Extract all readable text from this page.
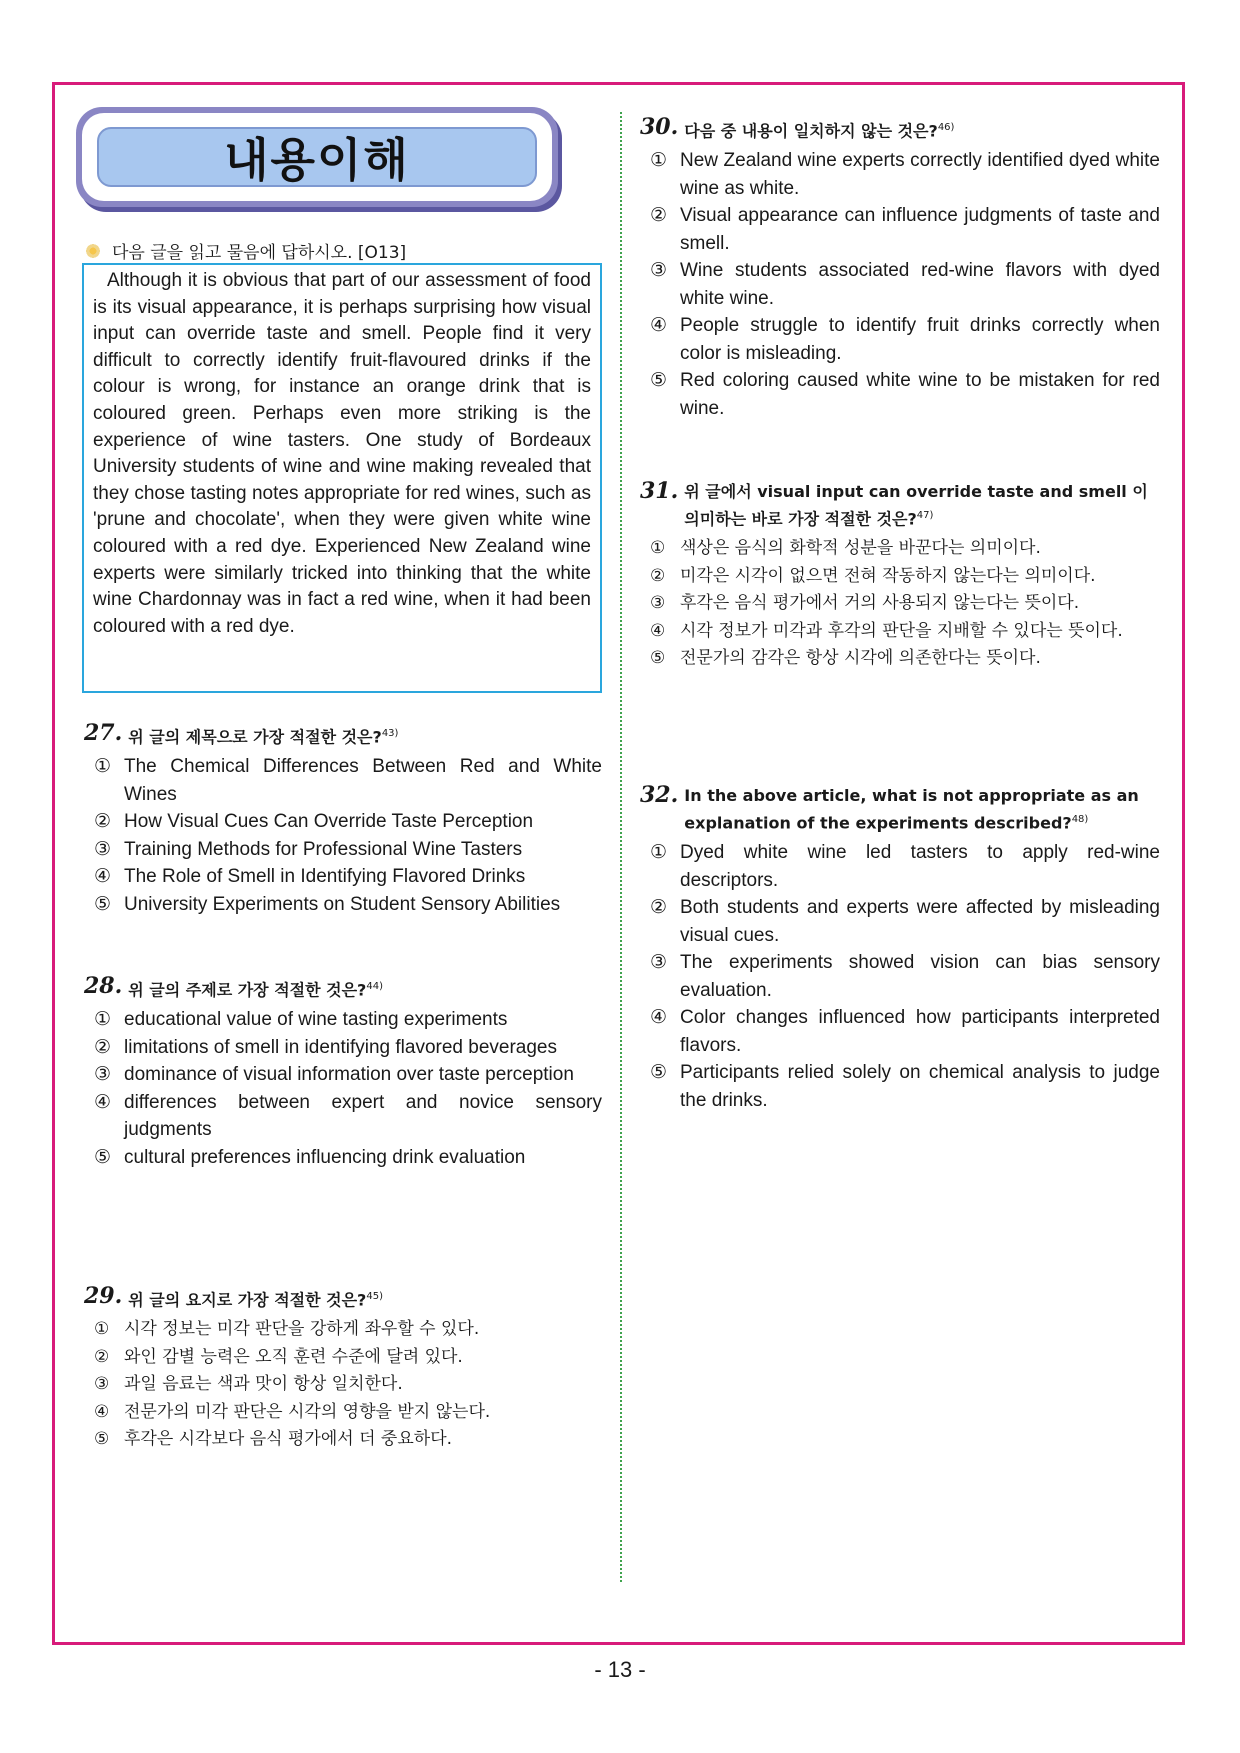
내용이해
다음 글을 읽고 물음에 답하시오. [O13]
Although it is obvious that part of our assessment of food is its visual appearance, it is perhaps surprising how visual input can override taste and smell. People find it very difficult to correctly identify fruit-flavoured drinks if the colour is wrong, for instance an orange drink that is coloured green. Perhaps even more striking is the experience of wine tasters. One study of Bordeaux University students of wine and wine making revealed that they chose tasting notes appropriate for red wines, such as 'prune and chocolate', when they were given white wine coloured with a red dye. Experienced New Zealand wine experts were similarly tricked into thinking that the white wine Chardonnay was in fact a red wine, when it had been coloured with a red dye.
27. 위 글의 제목으로 가장 적절한 것은?$^{43)}$
① The Chemical Differences Between Red and White Wines
② How Visual Cues Can Override Taste Perception
③ Training Methods for Professional Wine Tasters
④ The Role of Smell in Identifying Flavored Drinks
⑤ University Experiments on Student Sensory Abilities
28. 위 글의 주제로 가장 적절한 것은?$^{44)}$
① educational value of wine tasting experiments
② limitations of smell in identifying flavored beverages
③ dominance of visual information over taste perception
④ differences between expert and novice sensory judgments
⑤ cultural preferences influencing drink evaluation
29. 위 글의 요지로 가장 적절한 것은?$^{45)}$
① 시각 정보는 미각 판단을 강하게 좌우할 수 있다.
② 와인 감별 능력은 오직 훈련 수준에 달려 있다.
③ 과일 음료는 색과 맛이 항상 일치한다.
④ 전문가의 미각 판단은 시각의 영향을 받지 않는다.
⑤ 후각은 시각보다 음식 평가에서 더 중요하다.
30. 다음 중 내용이 일치하지 않는 것은?$^{46)}$
① New Zealand wine experts correctly identified dyed white wine as white.
② Visual appearance can influence judgments of taste and smell.
③ Wine students associated red-wine flavors with dyed white wine.
④ People struggle to identify fruit drinks correctly when color is misleading.
⑤ Red coloring caused white wine to be mistaken for red wine.
31. 위 글에서 visual input can override taste and smell 이 의미하는 바로 가장 적절한 것은?$^{47)}$
① 색상은 음식의 화학적 성분을 바꾼다는 의미이다.
② 미각은 시각이 없으면 전혀 작동하지 않는다는 의미이다.
③ 후각은 음식 평가에서 거의 사용되지 않는다는 뜻이다.
④ 시각 정보가 미각과 후각의 판단을 지배할 수 있다는 뜻이다.
⑤ 전문가의 감각은 항상 시각에 의존한다는 뜻이다.
32. In the above article, what is not appropriate as an explanation of the experiments described?$^{48)}$
① Dyed white wine led tasters to apply red-wine descriptors.
② Both students and experts were affected by misleading visual cues.
③ The experiments showed vision can bias sensory evaluation.
④ Color changes influenced how participants interpreted flavors.
⑤ Participants relied solely on chemical analysis to judge the drinks.
- 13 -
